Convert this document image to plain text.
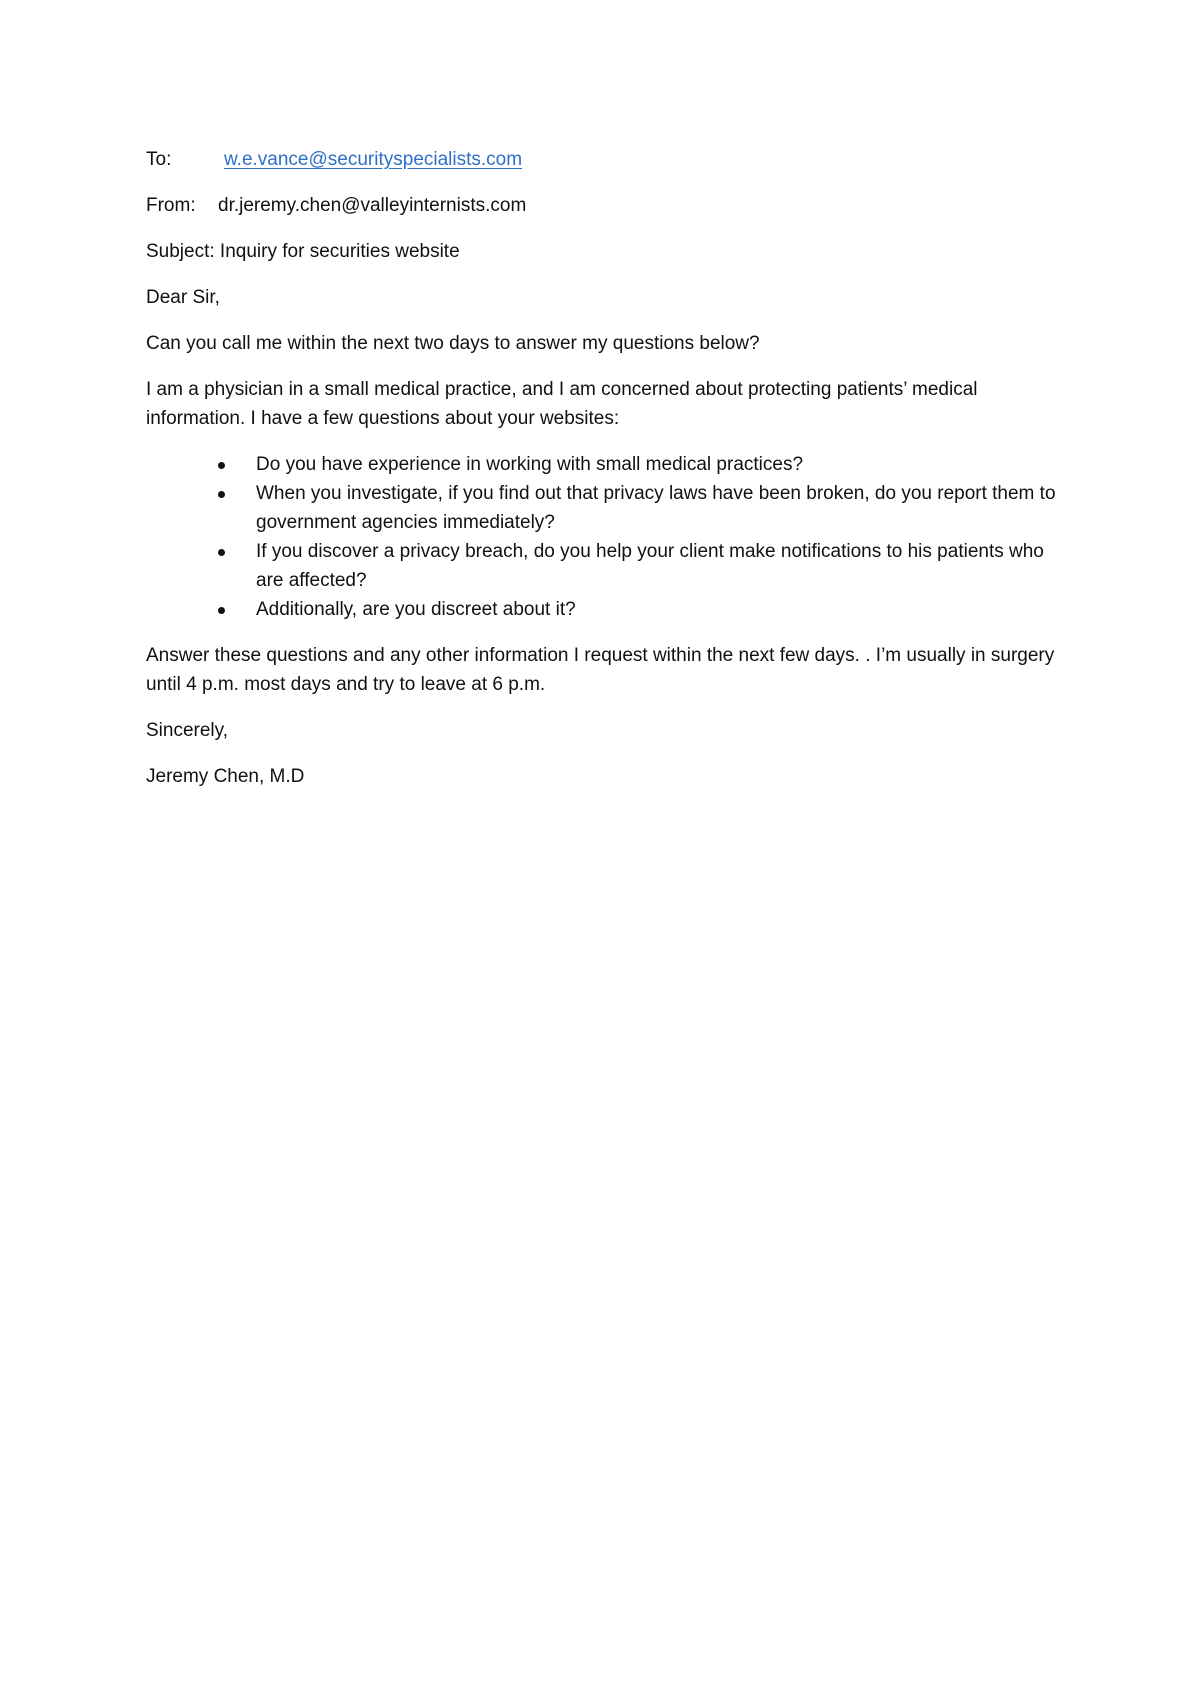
To:	w.e.vance@securityspecialists.com
From: dr.jeremy.chen@valleyinternists.com
Subject: Inquiry for securities website

Dear Sir,

Can you call me within the next two days to answer my questions below?

I am a physician in a small medical practice, and I am concerned about protecting patients’ medical information. I have a few questions about your websites:

Do you have experience in working with small medical practices?
When you investigate, if you find out that privacy laws have been broken, do you report them to government agencies immediately?
If you discover a privacy breach, do you help your client make notifications to his patients who are affected?
Additionally, are you discreet about it?

Answer these questions and any other information I request within the next few days. . I’m usually in surgery until 4 p.m. most days and try to leave at 6 p.m.

Sincerely,

Jeremy Chen, M.D
